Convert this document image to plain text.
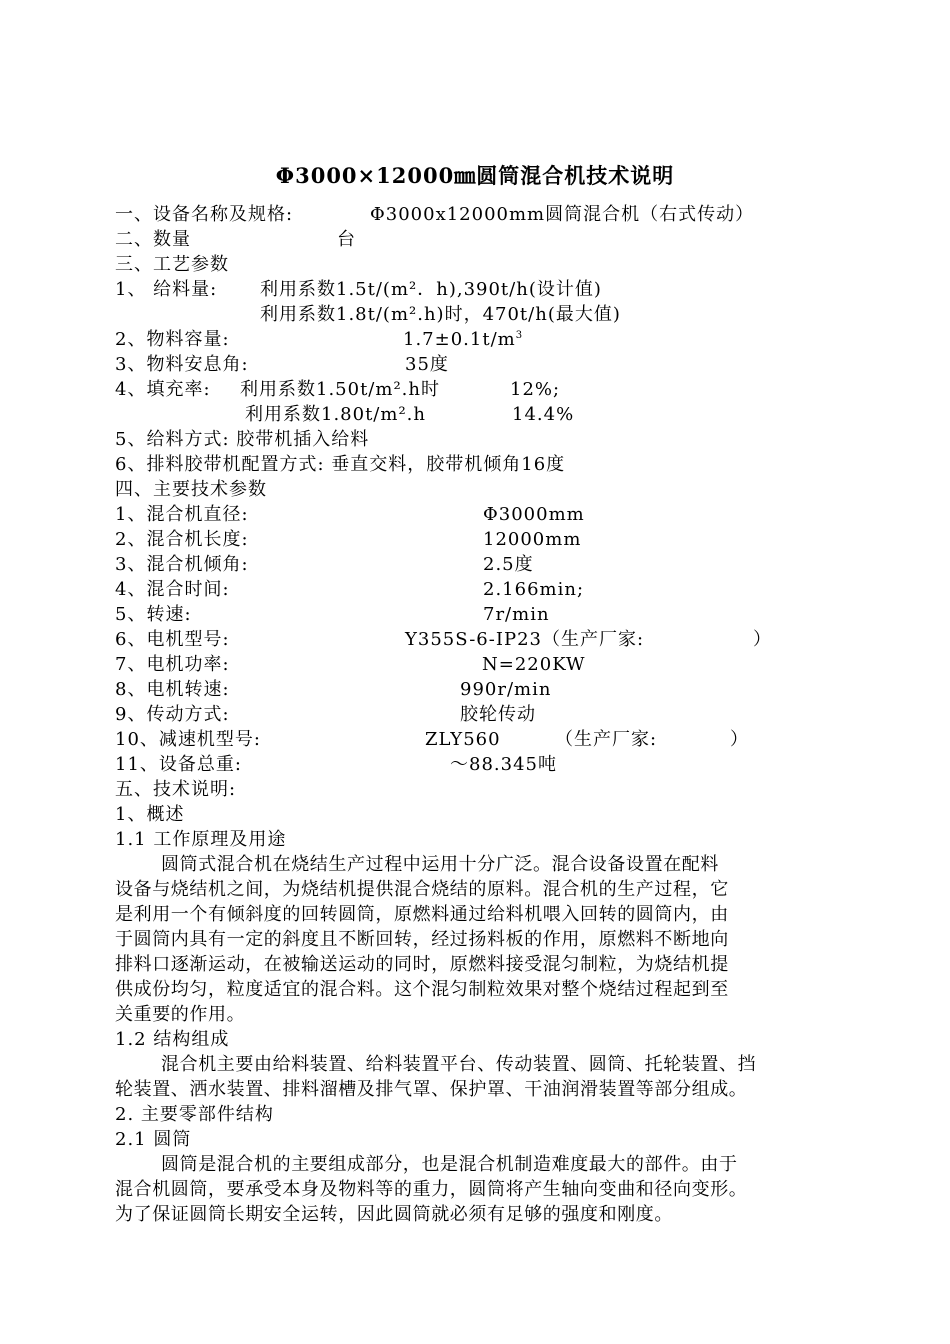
Φ3000×12000㎜圆筒混合机技术说明
一、设备名称及规格:	Φ3000x12000mm圆筒混合机（右式传动）
二、数量	台
三、工艺参数
1、 给料量: 利用系数1.5t/(m²．h),390t/h(设计值)
利用系数1.8t/(m².h)时，470t/h(最大值)
2、物料容量:	$1.7\pm 0.1t/m^3$
3、物料安息角:	35度
4、填充率: 利用系数1.50t/m².h时	12%;
利用系数1.80t/m².h	14.4%
5、给料方式: 胶带机插入给料
6、排料胶带机配置方式: 垂直交料，胶带机倾角16度
四、主要技术参数
1、混合机直径:	Φ3000mm
2、混合机长度:	12000mm
3、混合机倾角:	2.5度
4、混合时间:	2.166min;
5、转速:	7r/min
6、电机型号:	Y355S-6-IP23（生产厂家:	）
7、电机功率:	N=220KW
8、电机转速:	990r/min
9、传动方式:	胶轮传动
10、减速机型号:	ZLY560	（生产厂家:	）
11、设备总重:	～88.345吨
五、技术说明:
1、概述
1.1 工作原理及用途
圆筒式混合机在烧结生产过程中运用十分广泛。混合设备设置在配料
设备与烧结机之间，为烧结机提供混合烧结的原料。混合机的生产过程，它
是利用一个有倾斜度的回转圆筒，原燃料通过给料机喂入回转的圆筒内，由
于圆筒内具有一定的斜度且不断回转，经过扬料板的作用，原燃料不断地向
排料口逐渐运动，在被输送运动的同时，原燃料接受混匀制粒，为烧结机提
供成份均匀，粒度适宜的混合料。这个混匀制粒效果对整个烧结过程起到至
关重要的作用。
1.2 结构组成
混合机主要由给料装置、给料装置平台、传动装置、圆筒、托轮装置、挡
轮装置、洒水装置、排料溜槽及排气罩、保护罩、干油润滑装置等部分组成。
2. 主要零部件结构
2.1 圆筒
圆筒是混合机的主要组成部分，也是混合机制造难度最大的部件。由于
混合机圆筒，要承受本身及物料等的重力，圆筒将产生轴向变曲和径向变形。
为了保证圆筒长期安全运转，因此圆筒就必须有足够的强度和刚度。
